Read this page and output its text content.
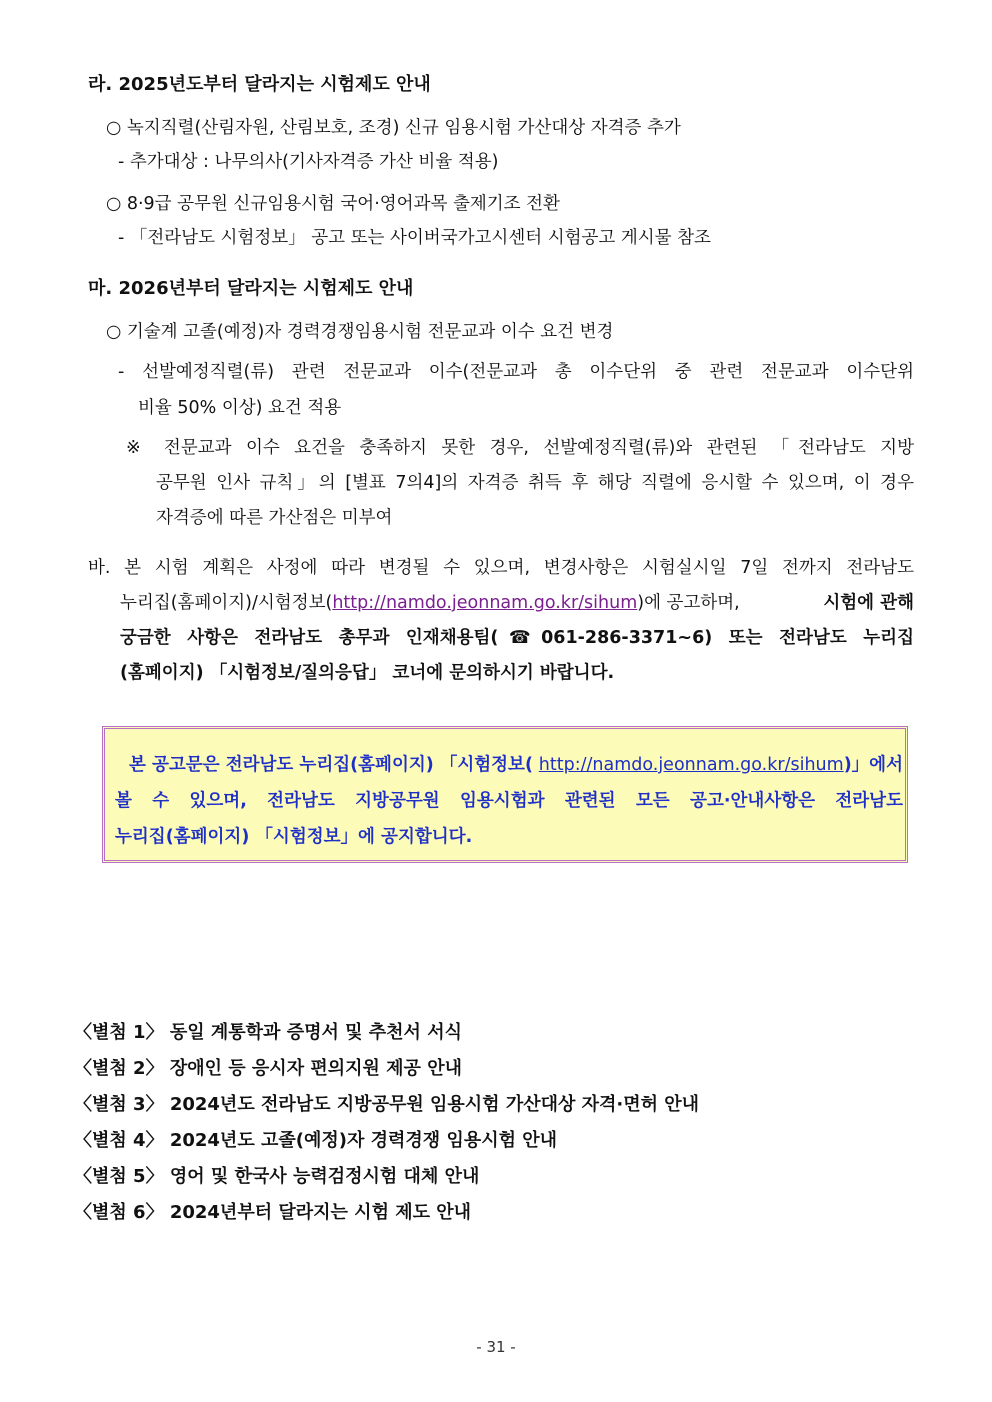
라. 2025년도부터 달라지는 시험제도 안내
○ 녹지직렬(산림자원, 산림보호, 조경) 신규 임용시험 가산대상 자격증 추가
- 추가대상 : 나무의사(기사자격증 가산 비율 적용)
○ 8·9급 공무원 신규임용시험 국어·영어과목 출제기조 전환
- 「전라남도 시험정보」 공고 또는 사이버국가고시센터 시험공고 게시물 참조
마. 2026년부터 달라지는 시험제도 안내
○ 기술계 고졸(예정)자 경력경쟁임용시험 전문교과 이수 요건 변경
- 선발예정직렬(류) 관련 전문교과 이수(전문교과 총 이수단위 중 관련 전문교과 이수단위
비율 50% 이상) 요건 적용
※ 전문교과 이수 요건을 충족하지 못한 경우, 선발예정직렬(류)와 관련된 「전라남도 지방
공무원 인사 규칙」의 [별표 7의4]의 자격증 취득 후 해당 직렬에 응시할 수 있으며, 이 경우
자격증에 따른 가산점은 미부여
바. 본 시험 계획은 사정에 따라 변경될 수 있으며, 변경사항은 시험실시일 7일 전까지 전라남도
누리집(홈페이지)/시험정보(http://namdo.jeonnam.go.kr/sihum)에 공고하며,	시험에 관해
궁금한 사항은 전라남도 총무과 인재채용팀(☎061-286-3371~6) 또는 전라남도 누리집
(홈페이지) 「시험정보/질의응답」 코너에 문의하시기 바랍니다.
본 공고문은 전라남도 누리집(홈페이지) 「시험정보( http://namdo.jeonnam.go.kr/sihum)」에서
볼 수 있으며, 전라남도 지방공무원 임용시험과 관련된 모든 공고·안내사항은 전라남도
누리집(홈페이지) 「시험정보」에 공지합니다.
〈별첨 1〉 동일 계통학과 증명서 및 추천서 서식
〈별첨 2〉 장애인 등 응시자 편의지원 제공 안내
〈별첨 3〉 2024년도 전라남도 지방공무원 임용시험 가산대상 자격·면허 안내
〈별첨 4〉 2024년도 고졸(예정)자 경력경쟁 임용시험 안내
〈별첨 5〉 영어 및 한국사 능력검정시험 대체 안내
〈별첨 6〉 2024년부터 달라지는 시험 제도 안내
- 31 -
